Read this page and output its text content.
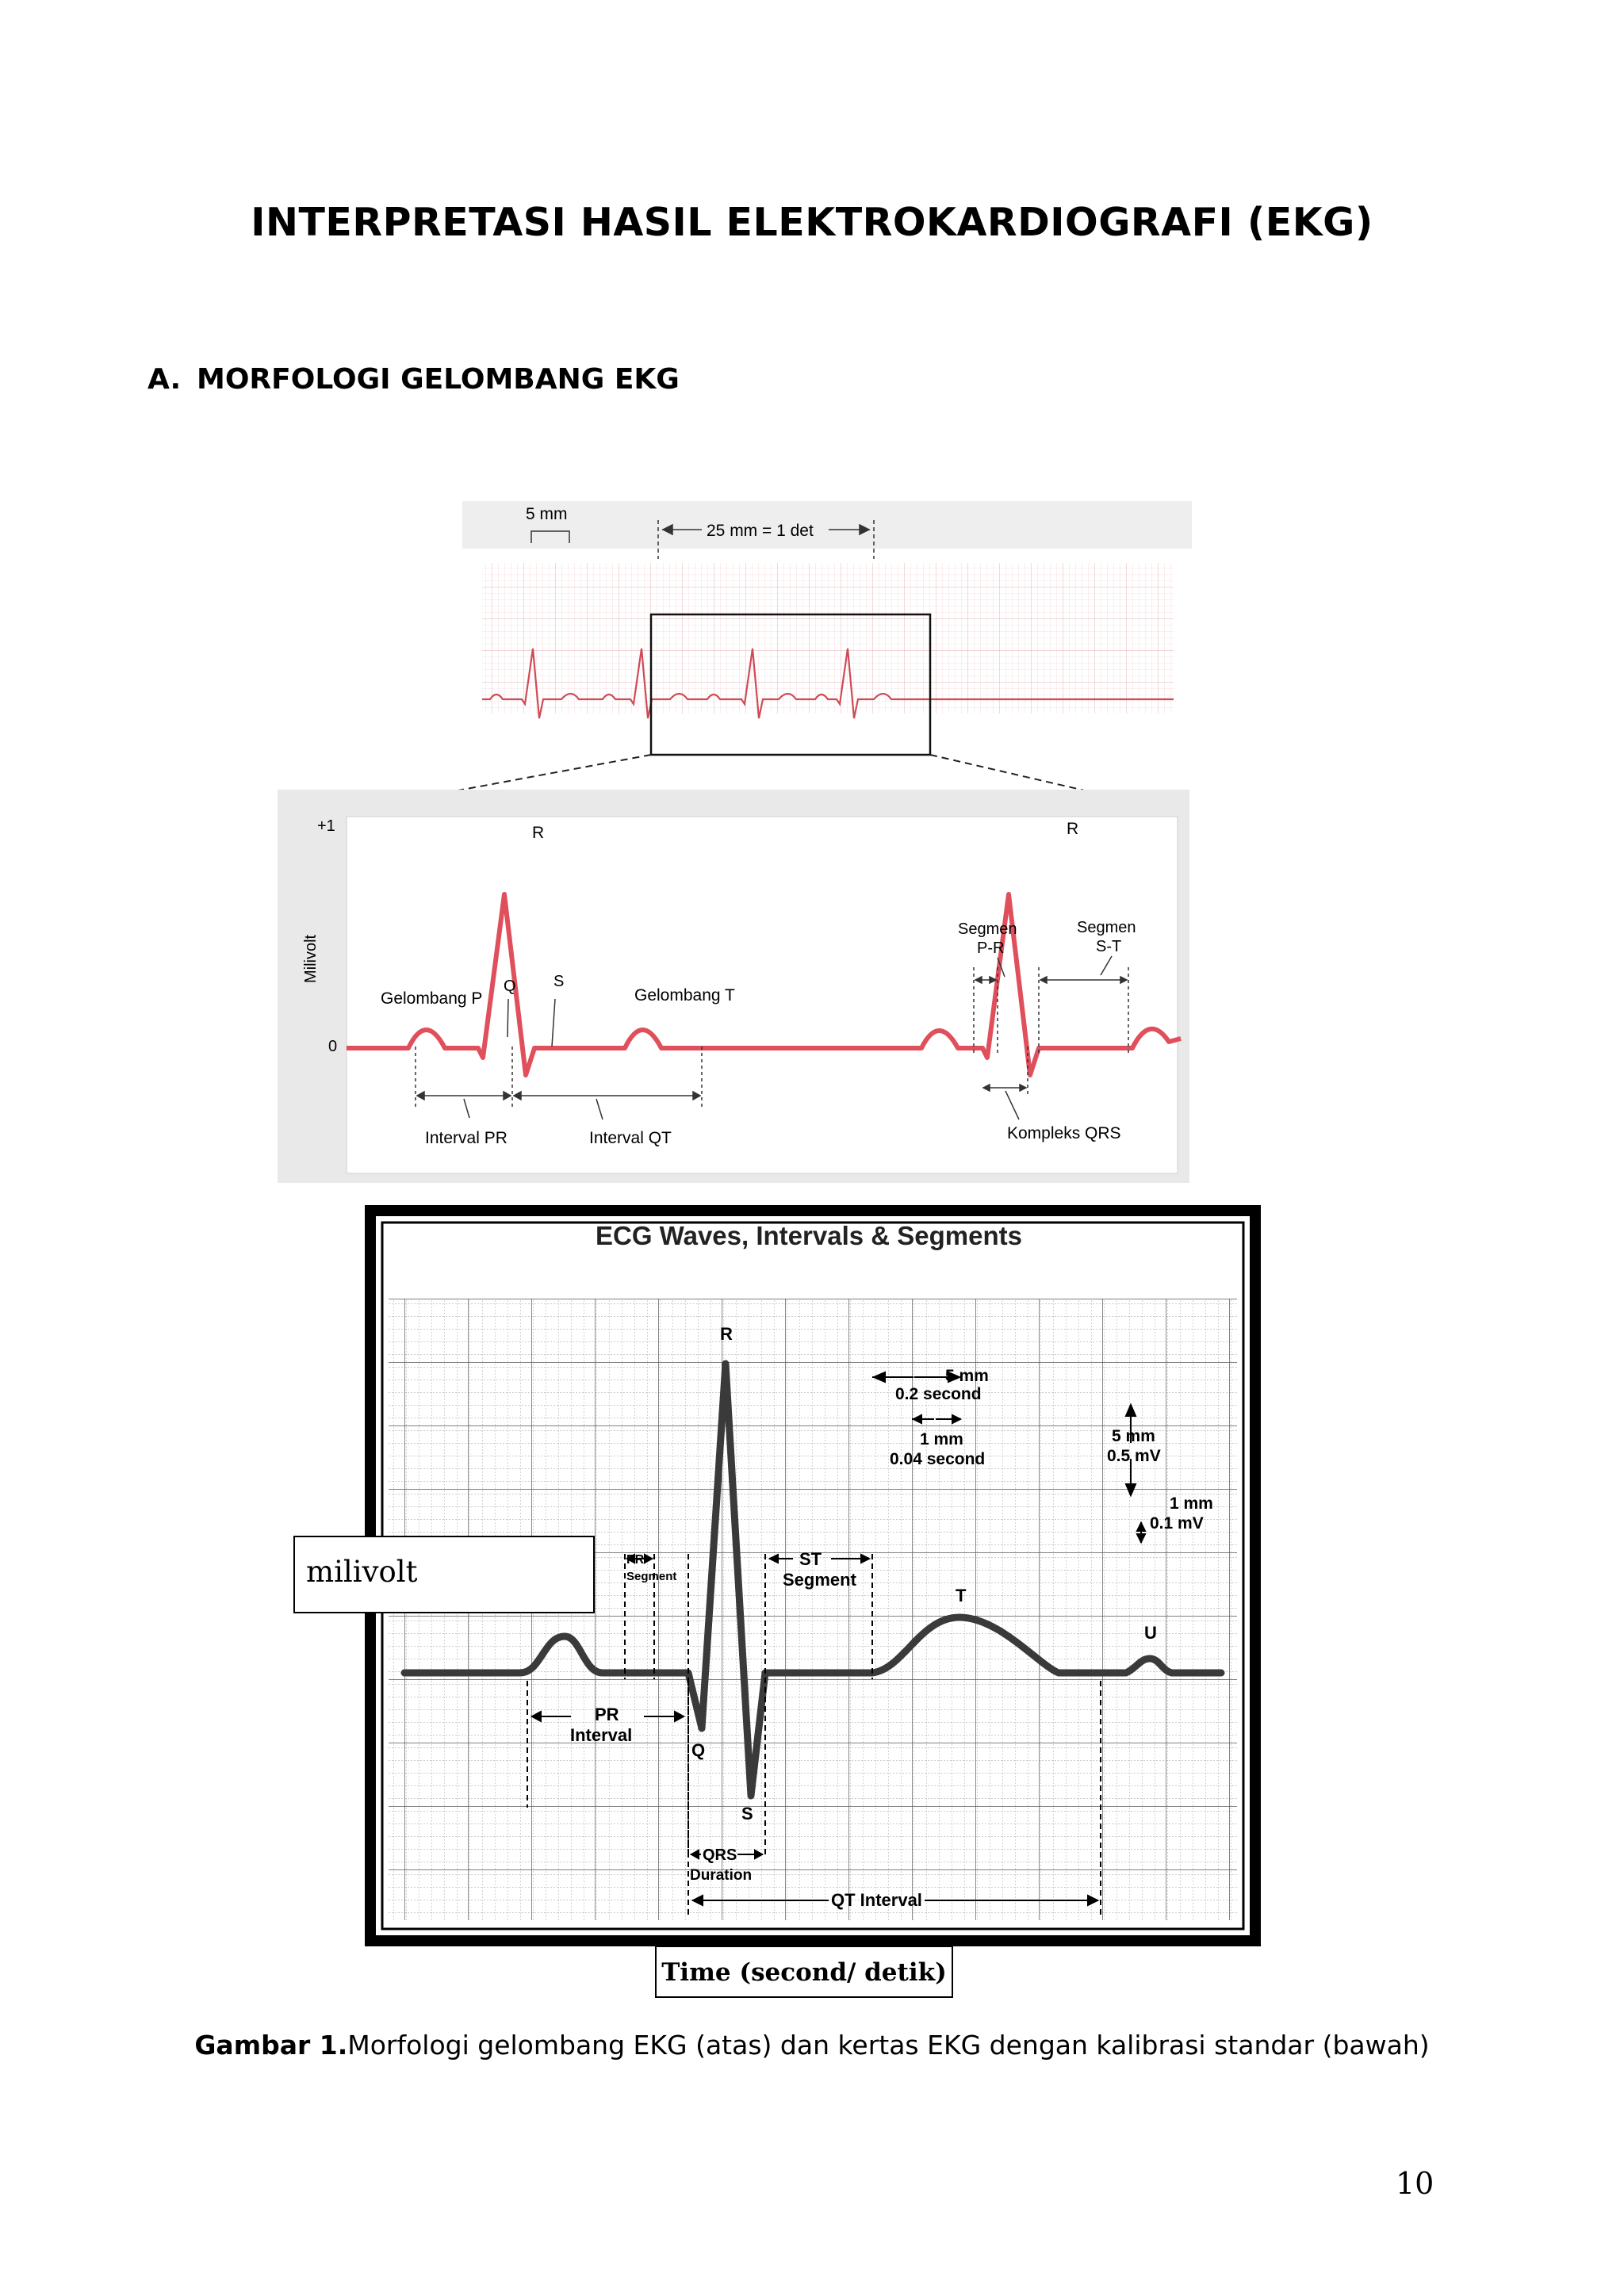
INTERPRETASI HASIL ELEKTROKARDIOGRAFI (EKG)
A. MORFOLOGI GELOMBANG EKG
5 mm
25 mm = 1 det
+1
0
Milivolt
R	R
Q S
Gelombang P	Gelombang T
Segmen
P-R
Segmen
S-T
Interval PR	Interval QT	Kompleks QRS
ECG Waves, Intervals & Segments
R
Q
S
T
U
5 mm
0.2 second
1 mm
0.04 second
5 mm
0.5 mV
1 mm
0.1 mV
PR
Segment
ST
Segment
PR
Interval
QRS
Duration
QT Interval
milivolt
Time (second/ detik)
Gambar 1.Morfologi gelombang EKG (atas) dan kertas EKG dengan kalibrasi standar (bawah)
10
